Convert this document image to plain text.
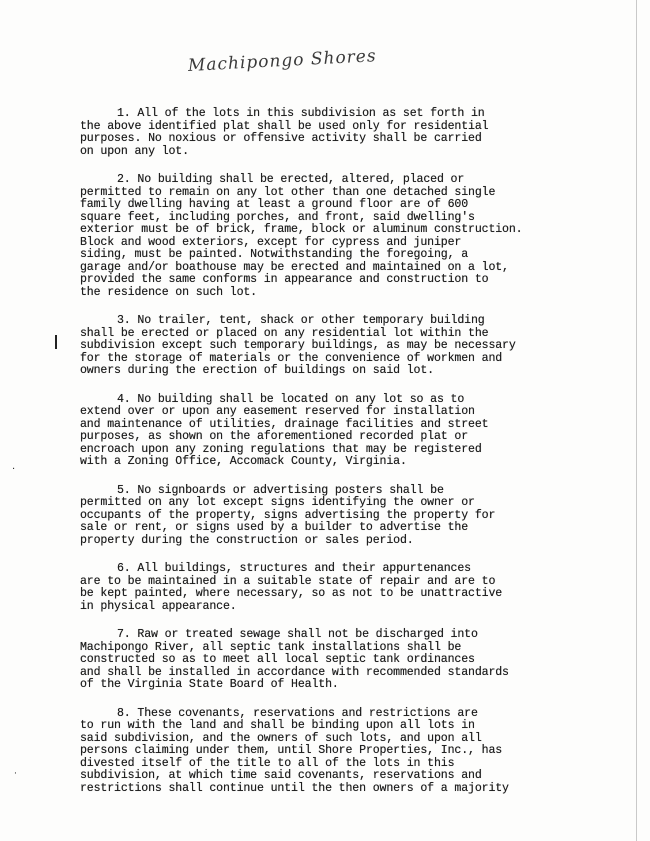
Machipongo Shores
·
·
1. All of the lots in this subdivision as set forth in
the above identified plat shall be used only for residential
purposes. No noxious or offensive activity shall be carried
on upon any lot.
2. No building shall be erected, altered, placed or
permitted to remain on any lot other than one detached single
family dwelling having at least a ground floor are of 600
square feet, including porches, and front, said dwelling's
exterior must be of brick, frame, block or aluminum construction.
Block and wood exteriors, except for cypress and juniper
siding, must be painted. Notwithstanding the foregoing, a
garage and/or boathouse may be erected and maintained on a lot,
provided the same conforms in appearance and construction to
the residence on such lot.
3. No trailer, tent, shack or other temporary building
shall be erected or placed on any residential lot within the
subdivision except such temporary buildings, as may be necessary
for the storage of materials or the convenience of workmen and
owners during the erection of buildings on said lot.
4. No building shall be located on any lot so as to
extend over or upon any easement reserved for installation
and maintenance of utilities, drainage facilities and street
purposes, as shown on the aforementioned recorded plat or
encroach upon any zoning regulations that may be registered
with a Zoning Office, Accomack County, Virginia.
5. No signboards or advertising posters shall be
permitted on any lot except signs identifying the owner or
occupants of the property, signs advertising the property for
sale or rent, or signs used by a builder to advertise the
property during the construction or sales period.
6. All buildings, structures and their appurtenances
are to be maintained in a suitable state of repair and are to
be kept painted, where necessary, so as not to be unattractive
in physical appearance.
7. Raw or treated sewage shall not be discharged into
Machipongo River, all septic tank installations shall be
constructed so as to meet all local septic tank ordinances
and shall be installed in accordance with recommended standards
of the Virginia State Board of Health.
8. These covenants, reservations and restrictions are
to run with the land and shall be binding upon all lots in
said subdivision, and the owners of such lots, and upon all
persons claiming under them, until Shore Properties, Inc., has
divested itself of the title to all of the lots in this
subdivision, at which time said covenants, reservations and
restrictions shall continue until the then owners of a majority
